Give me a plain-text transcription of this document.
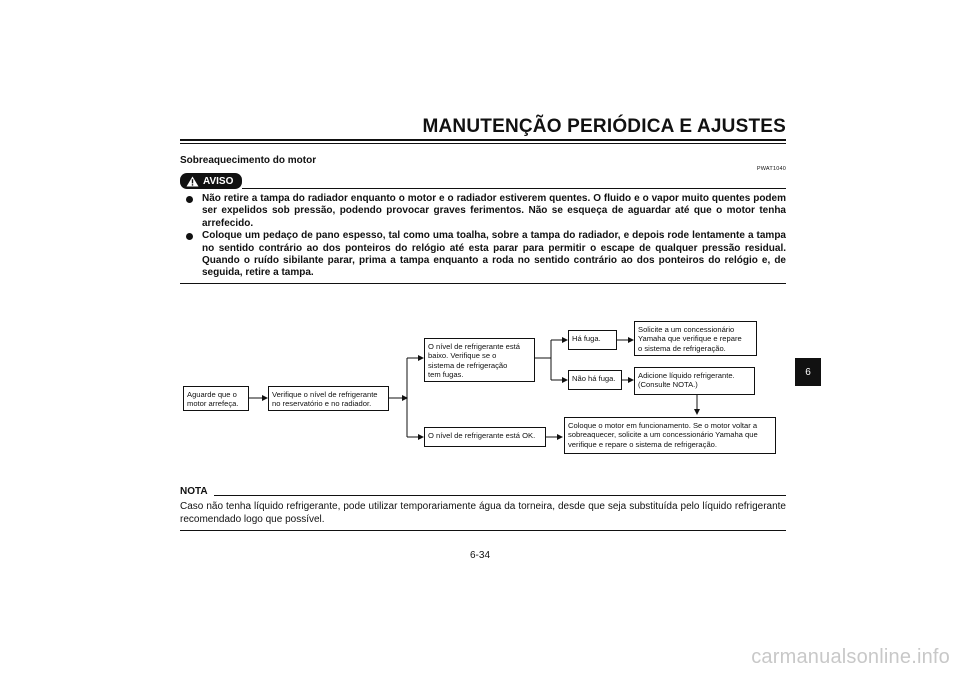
MANUTENÇÃO PERIÓDICA E AJUSTES
Sobreaquecimento do motor
PWAT1040
AVISO
Não retire a tampa do radiador enquanto o motor e o radiador estiverem quentes. O fluido e o vapor muito quentes podem ser expelidos sob pressão, podendo provocar graves ferimentos. Não se esqueça de aguardar até que o motor tenha arrefecido.
Coloque um pedaço de pano espesso, tal como uma toalha, sobre a tampa do radiador, e depois rode lentamente a tampa no sentido contrário ao dos ponteiros do relógio até esta parar para permitir o escape de qualquer pressão residual. Quando o ruído sibilante parar, prima a tampa enquanto a roda no sentido contrário ao dos ponteiros do relógio e, de seguida, retire a tampa.
6
Aguarde que o
motor arrefeça.
Verifique o nível de refrigerante
no reservatório e no radiador.
O nível de refrigerante está
baixo. Verifique se o
sistema de refrigeração
tem fugas.
O nível de refrigerante está OK.
Há fuga.
Não há fuga.
Solicite a um concessionário
Yamaha que verifique e repare
o sistema de refrigeração.
Adicione líquido refrigerante.
(Consulte NOTA.)
Coloque o motor em funcionamento. Se o motor voltar a
sobreaquecer, solicite a um concessionário Yamaha que
verifique e repare o sistema de refrigeração.
NOTA
Caso não tenha líquido refrigerante, pode utilizar temporariamente água da torneira, desde que seja substituída pelo líquido refrigerante recomendado logo que possível.
6-34
carmanualsonline.info
